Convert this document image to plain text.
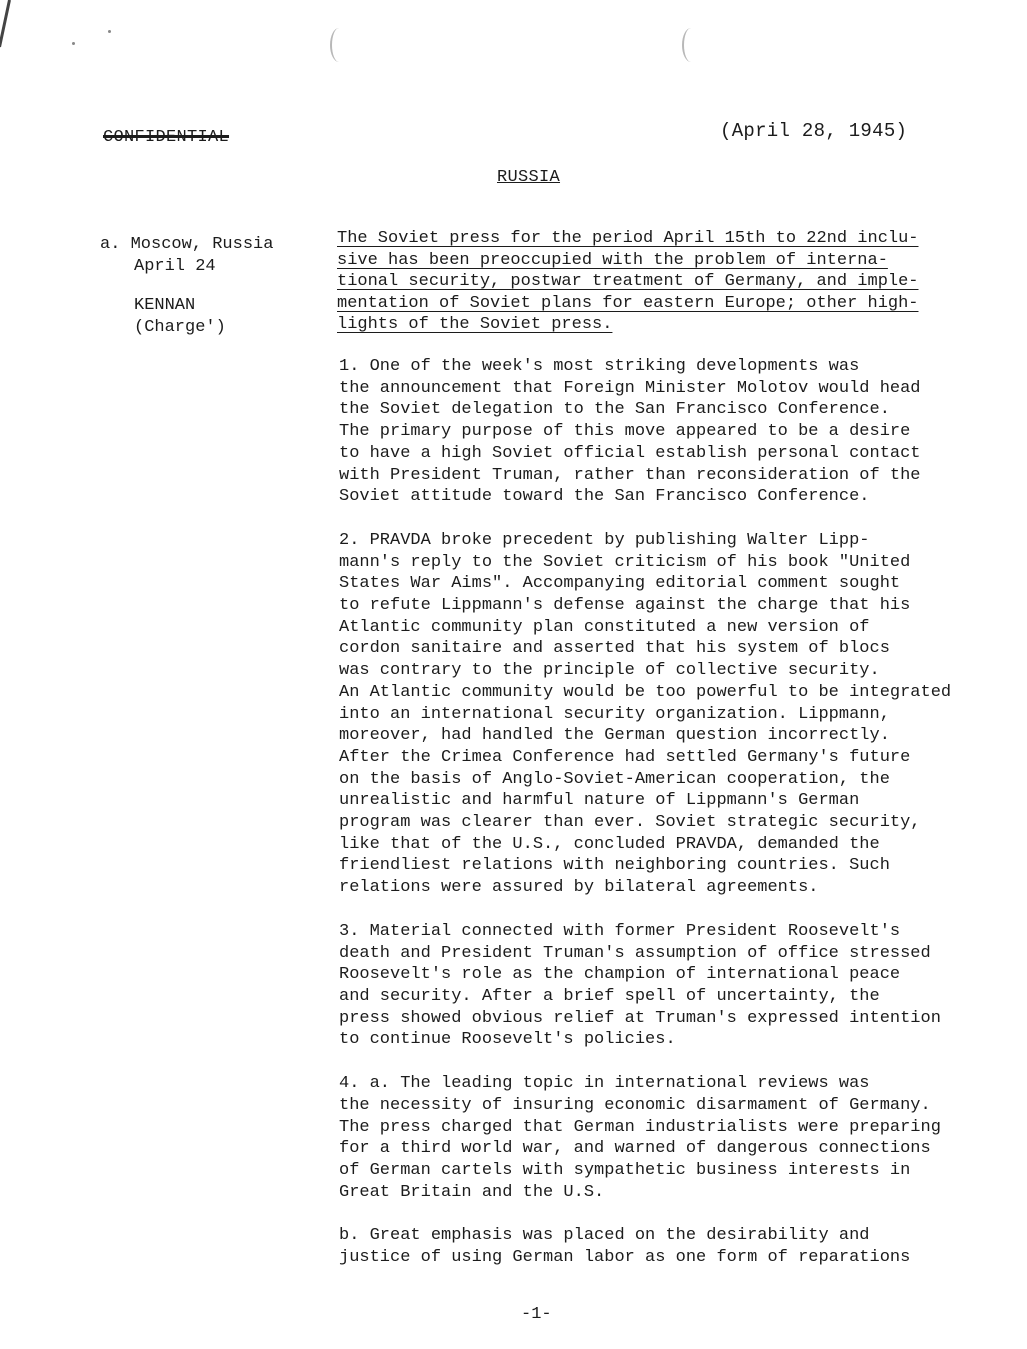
CONFIDENTIAL	(April 28, 1945)
RUSSIA
a. Moscow, Russia
April 24
KENNAN
(Charge')
The Soviet press for the period April 15th to 22nd inclu-
sive has been preoccupied with the problem of interna-
tional security, postwar treatment of Germany, and imple-
mentation of Soviet plans for eastern Europe; other high-
lights of the Soviet press.

1. One of the week's most striking developments was
the announcement that Foreign Minister Molotov would head
the Soviet delegation to the San Francisco Conference.
The primary purpose of this move appeared to be a desire
to have a high Soviet official establish personal contact
with President Truman, rather than reconsideration of the
Soviet attitude toward the San Francisco Conference.

2. PRAVDA broke precedent by publishing Walter Lipp-
mann's reply to the Soviet criticism of his book "United
States War Aims". Accompanying editorial comment sought
to refute Lippmann's defense against the charge that his
Atlantic community plan constituted a new version of
cordon sanitaire and asserted that his system of blocs
was contrary to the principle of collective security.
An Atlantic community would be too powerful to be integrated
into an international security organization. Lippmann,
moreover, had handled the German question incorrectly.
After the Crimea Conference had settled Germany's future
on the basis of Anglo-Soviet-American cooperation, the
unrealistic and harmful nature of Lippmann's German
program was clearer than ever. Soviet strategic security,
like that of the U.S., concluded PRAVDA, demanded the
friendliest relations with neighboring countries. Such
relations were assured by bilateral agreements.

3. Material connected with former President Roosevelt's
death and President Truman's assumption of office stressed
Roosevelt's role as the champion of international peace
and security. After a brief spell of uncertainty, the
press showed obvious relief at Truman's expressed intention
to continue Roosevelt's policies.

4. a. The leading topic in international reviews was
the necessity of insuring economic disarmament of Germany.
The press charged that German industrialists were preparing
for a third world war, and warned of dangerous connections
of German cartels with sympathetic business interests in
Great Britain and the U.S.

b. Great emphasis was placed on the desirability and
justice of using German labor as one form of reparations

-1-
